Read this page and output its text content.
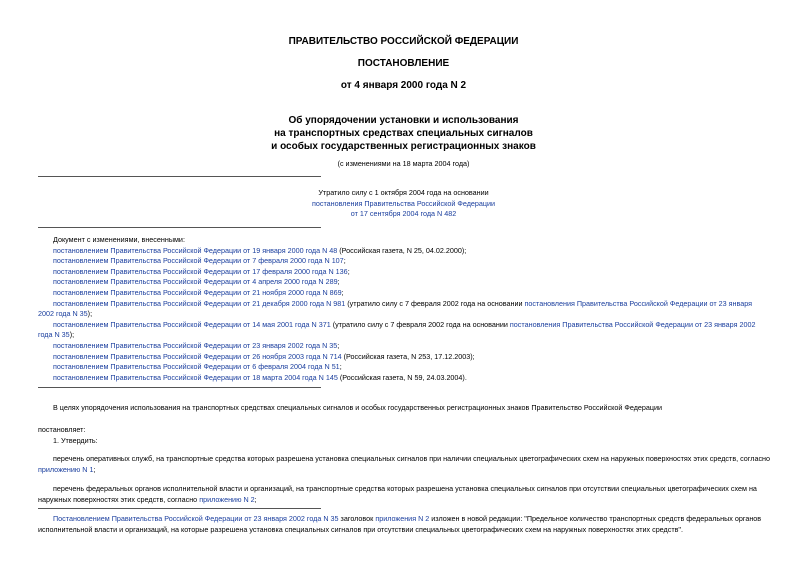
ПРАВИТЕЛЬСТВО РОССИЙСКОЙ ФЕДЕРАЦИИ
ПОСТАНОВЛЕНИЕ
от 4 января 2000 года N 2
Об упорядочении установки и использования
на транспортных средствах специальных сигналов
и особых государственных регистрационных знаков
(с изменениями на 18 марта 2004 года)
Утратило силу с 1 октября 2004 года на основании
постановления Правительства Российской Федерации
от 17 сентября 2004 года N 482
Документ с изменениями, внесенными:
постановлением Правительства Российской Федерации от 19 января 2000 года N 48 (Российская газета, N 25, 04.02.2000);
постановлением Правительства Российской Федерации от 7 февраля 2000 года N 107;
постановлением Правительства Российской Федерации от 17 февраля 2000 года N 136;
постановлением Правительства Российской Федерации от 4 апреля 2000 года N 289;
постановлением Правительства Российской Федерации от 21 ноября 2000 года N 869;
постановлением Правительства Российской Федерации от 21 декабря 2000 года N 981 (утратило силу с 7 февраля 2002 года на основании постановления Правительства Российской Федерации от 23 января 2002 года N 35);
постановлением Правительства Российской Федерации от 14 мая 2001 года N 371 (утратило силу с 7 февраля 2002 года на основании постановления Правительства Российской Федерации от 23 января 2002 года N 35);
постановлением Правительства Российской Федерации от 23 января 2002 года N 35;
постановлением Правительства Российской Федерации от 26 ноября 2003 года N 714 (Российская газета, N 253, 17.12.2003);
постановлением Правительства Российской Федерации от 6 февраля 2004 года N 51;
постановлением Правительства Российской Федерации от 18 марта 2004 года N 145 (Российская газета, N 59, 24.03.2004).
В целях упорядочения использования на транспортных средствах специальных сигналов и особых государственных регистрационных знаков Правительство Российской Федерации
постановляет:
1. Утвердить:
перечень оперативных служб, на транспортные средства которых разрешена установка специальных сигналов при наличии специальных цветографических схем на наружных поверхностях этих средств, согласно приложению N 1;
перечень федеральных органов исполнительной власти и организаций, на транспортные средства которых разрешена установка специальных сигналов при отсутствии специальных цветографических схем на наружных поверхностях этих средств, согласно приложению N 2;
Постановлением Правительства Российской Федерации от 23 января 2002 года N 35 заголовок приложения N 2 изложен в новой редакции: "Предельное количество транспортных средств федеральных органов исполнительной власти и организаций, на которые разрешена установка специальных сигналов при отсутствии специальных цветографических схем на наружных поверхностях этих средств".
